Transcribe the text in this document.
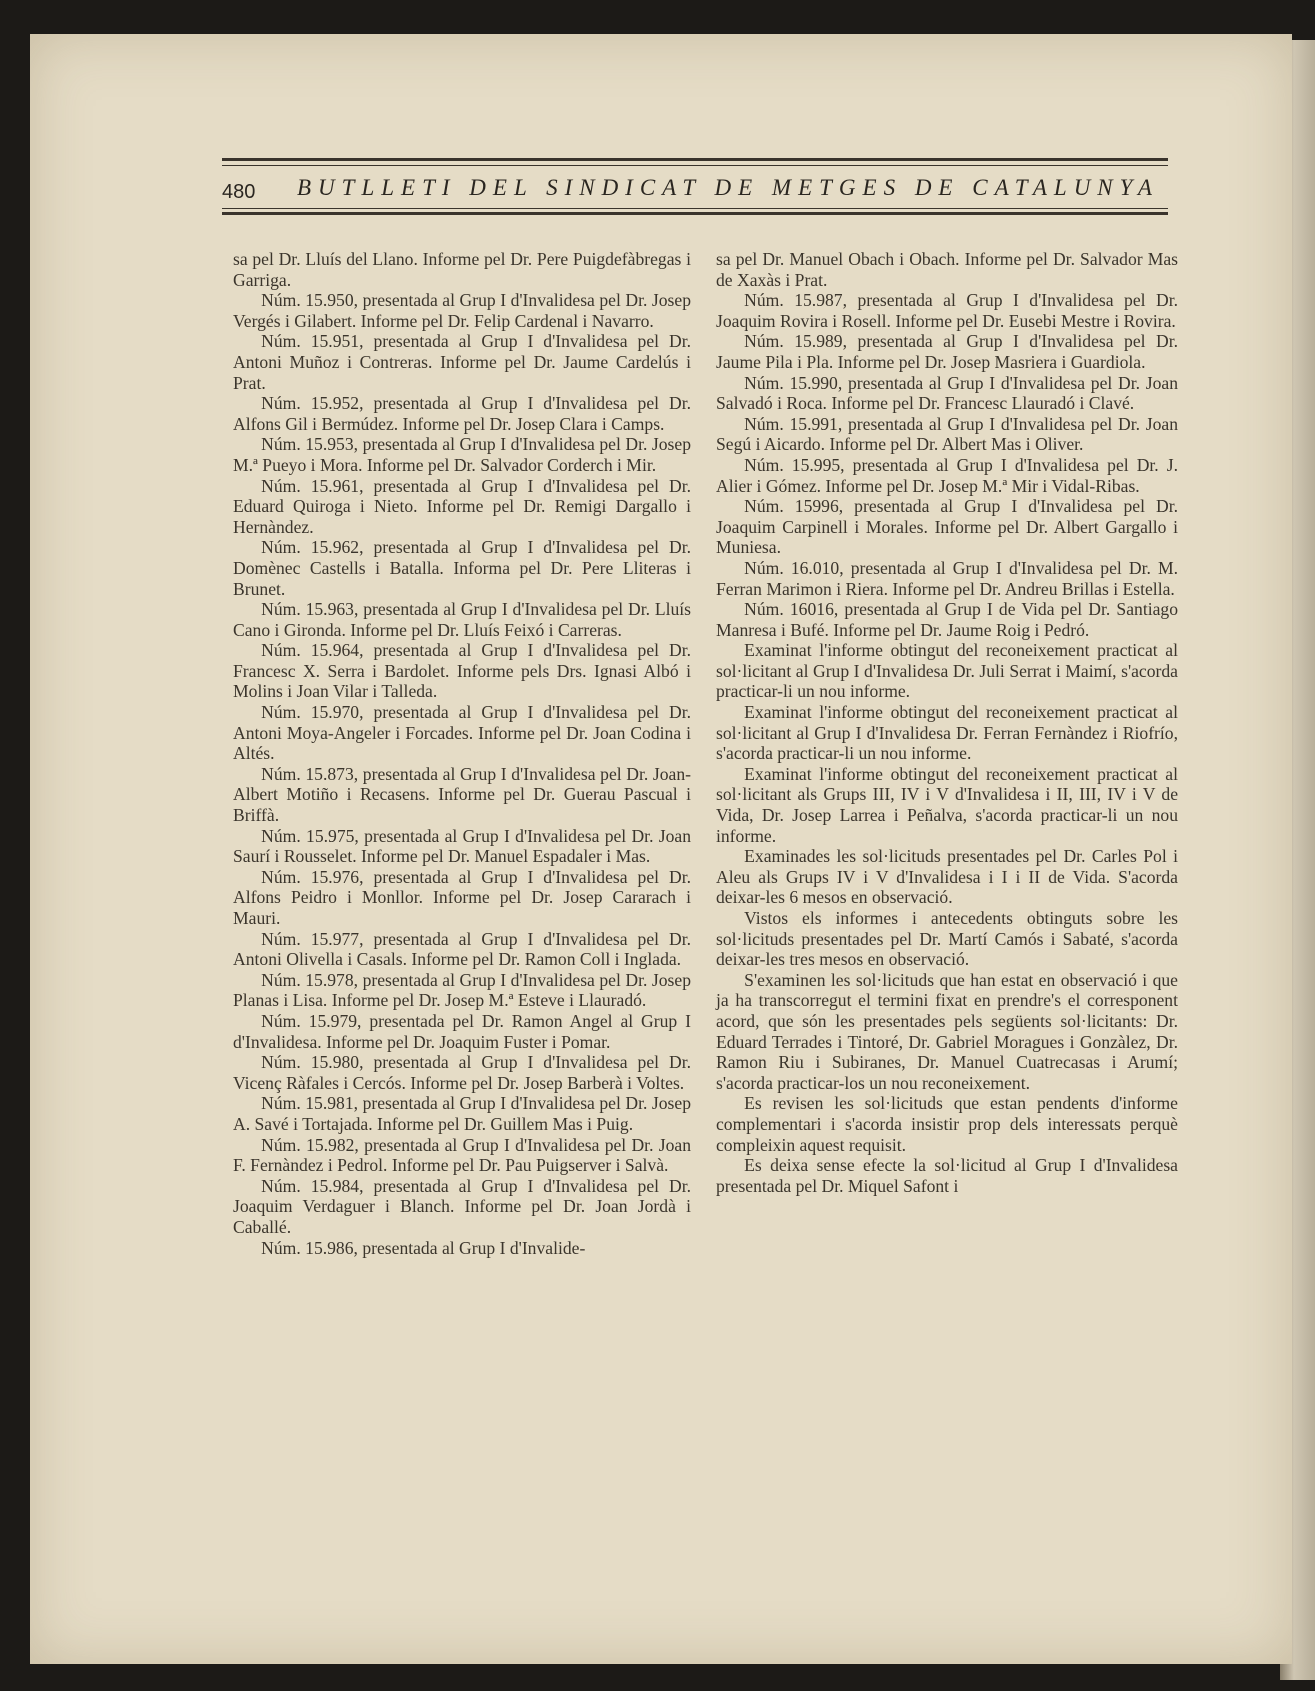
480 BUTLLETI DEL SINDICAT DE METGES DE CATALUNYA

sa pel Dr. Lluís del Llano. Informe pel Dr. Pere Puigdefàbregas i Garriga.

Núm. 15.950, presentada al Grup I d'Invalidesa pel Dr. Josep Vergés i Gilabert. Informe pel Dr. Felip Cardenal i Navarro.

Núm. 15.951, presentada al Grup I d'Invalidesa pel Dr. Antoni Muñoz i Contreras. Informe pel Dr. Jaume Cardelús i Prat.

Núm. 15.952, presentada al Grup I d'Invalidesa pel Dr. Alfons Gil i Bermúdez. Informe pel Dr. Josep Clara i Camps.

Núm. 15.953, presentada al Grup I d'Invalidesa pel Dr. Josep M.ª Pueyo i Mora. Informe pel Dr. Salvador Corderch i Mir.

Núm. 15.961, presentada al Grup I d'Invalidesa pel Dr. Eduard Quiroga i Nieto. Informe pel Dr. Remigi Dargallo i Hernàndez.

Núm. 15.962, presentada al Grup I d'Invalidesa pel Dr. Domènec Castells i Batalla. Informa pel Dr. Pere Lliteras i Brunet.

Núm. 15.963, presentada al Grup I d'Invalidesa pel Dr. Lluís Cano i Gironda. Informe pel Dr. Lluís Feixó i Carreras.

Núm. 15.964, presentada al Grup I d'Invalidesa pel Dr. Francesc X. Serra i Bardolet. Informe pels Drs. Ignasi Albó i Molins i Joan Vilar i Talleda.

Núm. 15.970, presentada al Grup I d'Invalidesa pel Dr. Antoni Moya-Angeler i Forcades. Informe pel Dr. Joan Codina i Altés.

Núm. 15.873, presentada al Grup I d'Invalidesa pel Dr. Joan-Albert Motiño i Recasens. Informe pel Dr. Guerau Pascual i Briffà.

Núm. 15.975, presentada al Grup I d'Invalidesa pel Dr. Joan Saurí i Rousselet. Informe pel Dr. Manuel Espadaler i Mas.

Núm. 15.976, presentada al Grup I d'Invalidesa pel Dr. Alfons Peidro i Monllor. Informe pel Dr. Josep Cararach i Mauri.

Núm. 15.977, presentada al Grup I d'Invalidesa pel Dr. Antoni Olivella i Casals. Informe pel Dr. Ramon Coll i Inglada.

Núm. 15.978, presentada al Grup I d'Invalidesa pel Dr. Josep Planas i Lisa. Informe pel Dr. Josep M.ª Esteve i Llauradó.

Núm. 15.979, presentada pel Dr. Ramon Angel al Grup I d'Invalidesa. Informe pel Dr. Joaquim Fuster i Pomar.

Núm. 15.980, presentada al Grup I d'Invalidesa pel Dr. Vicenç Ràfales i Cercós. Informe pel Dr. Josep Barberà i Voltes.

Núm. 15.981, presentada al Grup I d'Invalidesa pel Dr. Josep A. Savé i Tortajada. Informe pel Dr. Guillem Mas i Puig.

Núm. 15.982, presentada al Grup I d'Invalidesa pel Dr. Joan F. Fernàndez i Pedrol. Informe pel Dr. Pau Puigserver i Salvà.

Núm. 15.984, presentada al Grup I d'Invalidesa pel Dr. Joaquim Verdaguer i Blanch. Informe pel Dr. Joan Jordà i Caballé.

Núm. 15.986, presentada al Grup I d'Invalide-

sa pel Dr. Manuel Obach i Obach. Informe pel Dr. Salvador Mas de Xaxàs i Prat.

Núm. 15.987, presentada al Grup I d'Invalidesa pel Dr. Joaquim Rovira i Rosell. Informe pel Dr. Eusebi Mestre i Rovira.

Núm. 15.989, presentada al Grup I d'Invalidesa pel Dr. Jaume Pila i Pla. Informe pel Dr. Josep Masriera i Guardiola.

Núm. 15.990, presentada al Grup I d'Invalidesa pel Dr. Joan Salvadó i Roca. Informe pel Dr. Francesc Llauradó i Clavé.

Núm. 15.991, presentada al Grup I d'Invalidesa pel Dr. Joan Segú i Aicardo. Informe pel Dr. Albert Mas i Oliver.

Núm. 15.995, presentada al Grup I d'Invalidesa pel Dr. J. Alier i Gómez. Informe pel Dr. Josep M.ª Mir i Vidal-Ribas.

Núm. 15996, presentada al Grup I d'Invalidesa pel Dr. Joaquim Carpinell i Morales. Informe pel Dr. Albert Gargallo i Muniesa.

Núm. 16.010, presentada al Grup I d'Invalidesa pel Dr. M. Ferran Marimon i Riera. Informe pel Dr. Andreu Brillas i Estella.

Núm. 16016, presentada al Grup I de Vida pel Dr. Santiago Manresa i Bufé. Informe pel Dr. Jaume Roig i Pedró.

Examinat l'informe obtingut del reconeixement practicat al sol·licitant al Grup I d'Invalidesa Dr. Juli Serrat i Maimí, s'acorda practicar-li un nou informe.

Examinat l'informe obtingut del reconeixement practicat al sol·licitant al Grup I d'Invalidesa Dr. Ferran Fernàndez i Riofrío, s'acorda practicar-li un nou informe.

Examinat l'informe obtingut del reconeixement practicat al sol·licitant als Grups III, IV i V d'Invalidesa i II, III, IV i V de Vida, Dr. Josep Larrea i Peñalva, s'acorda practicar-li un nou informe.

Examinades les sol·licituds presentades pel Dr. Carles Pol i Aleu als Grups IV i V d'Invalidesa i I i II de Vida. S'acorda deixar-les 6 mesos en observació.

Vistos els informes i antecedents obtinguts sobre les sol·licituds presentades pel Dr. Martí Camós i Sabaté, s'acorda deixar-les tres mesos en observació.

S'examinen les sol·licituds que han estat en observació i que ja ha transcorregut el termini fixat en prendre's el corresponent acord, que són les presentades pels següents sol·licitants: Dr. Eduard Terrades i Tintoré, Dr. Gabriel Moragues i Gonzàlez, Dr. Ramon Riu i Subiranes, Dr. Manuel Cuatrecasas i Arumí; s'acorda practicar-los un nou reconeixement.

Es revisen les sol·licituds que estan pendents d'informe complementari i s'acorda insistir prop dels interessats perquè compleixin aquest requisit.

Es deixa sense efecte la sol·licitud al Grup I d'Invalidesa presentada pel Dr. Miquel Safont i
